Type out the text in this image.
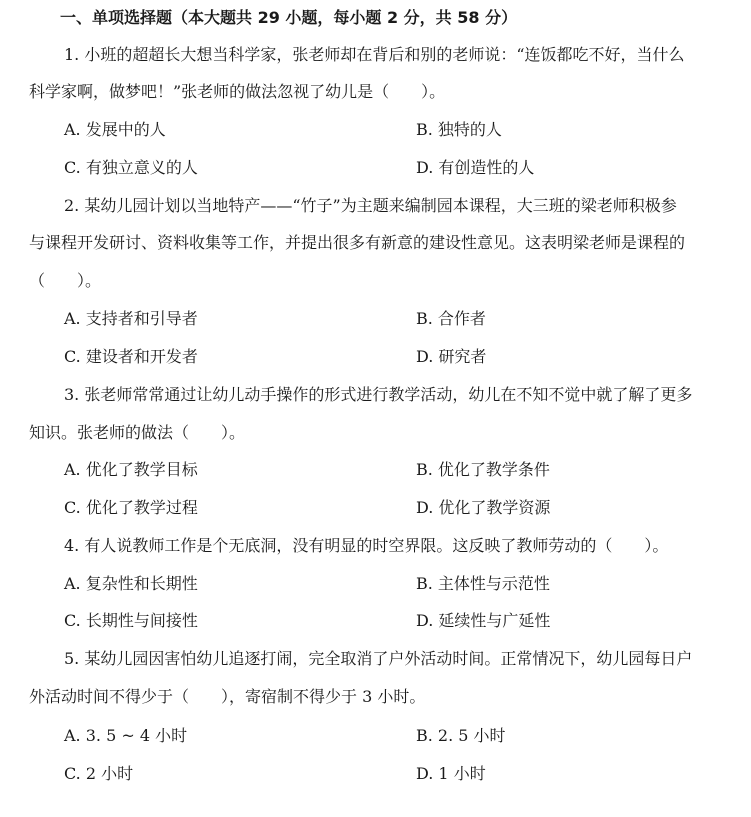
一、单项选择题（本大题共 29 小题，每小题 2 分，共 58 分）
1. 小班的超超长大想当科学家，张老师却在背后和别的老师说：“连饭都吃不好，当什么
科学家啊，做梦吧！”张老师的做法忽视了幼儿是（　　）。
A. 发展中的人	B. 独特的人
C. 有独立意义的人	D. 有创造性的人
2. 某幼儿园计划以当地特产——“竹子”为主题来编制园本课程，大三班的梁老师积极参
与课程开发研讨、资料收集等工作，并提出很多有新意的建设性意见。这表明梁老师是课程的
（　　）。
A. 支持者和引导者	B. 合作者
C. 建设者和开发者	D. 研究者
3. 张老师常常通过让幼儿动手操作的形式进行教学活动，幼儿在不知不觉中就了解了更多
知识。张老师的做法（　　）。
A. 优化了教学目标	B. 优化了教学条件
C. 优化了教学过程	D. 优化了教学资源
4. 有人说教师工作是个无底洞，没有明显的时空界限。这反映了教师劳动的（　　）。
A. 复杂性和长期性	B. 主体性与示范性
C. 长期性与间接性	D. 延续性与广延性
5. 某幼儿园因害怕幼儿追逐打闹，完全取消了户外活动时间。正常情况下，幼儿园每日户
外活动时间不得少于（　　），寄宿制不得少于 3 小时。
A. 3. 5 ~ 4 小时	B. 2. 5 小时
C. 2 小时	D. 1 小时
